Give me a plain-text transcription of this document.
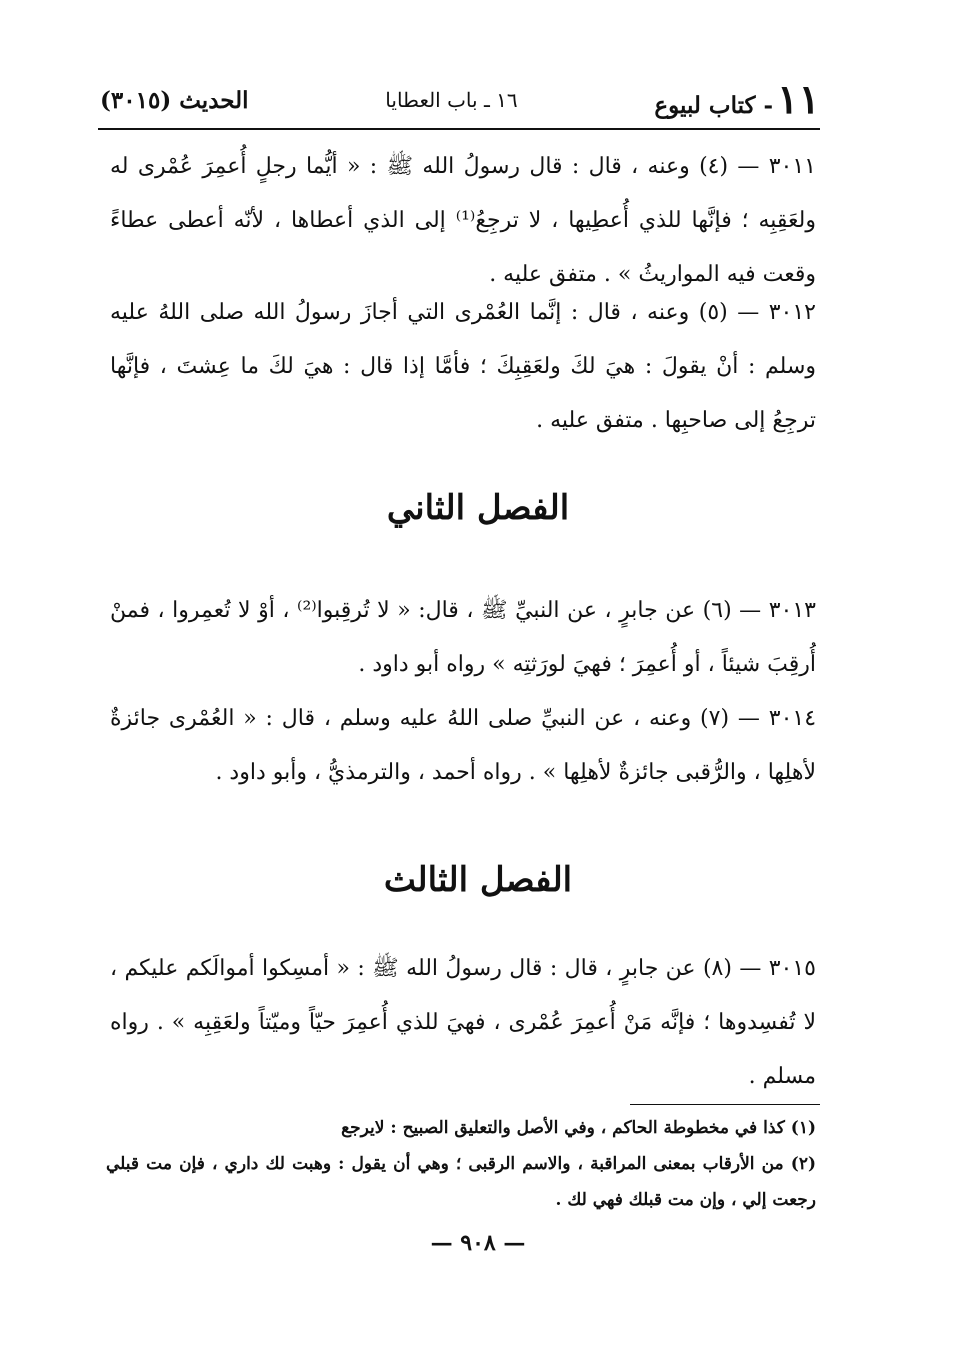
١١
- كتاب لبيوع
١٦ ـ باب العطايا
الحديث (٣٠١٥)

٣٠١١ — (٤) وعنه ، قال : قال رسولُ الله ﷺ : « أيُّما رجلٍ أُعمِرَ عُمْرى له ولعَقِبِه ؛ فإنَّها للذي أُعطِيها ، لا ترجِعُ⁽¹⁾ إلى الذي أعطاها ، لأنّه أعطى عطاءً وقعت فيه المواريثُ » . متفق عليه .

٣٠١٢ — (٥) وعنه ، قال : إنَّما العُمْرى التي أجازَ رسولُ الله صلى اللهُ عليه وسلم : أنْ يقولَ : هيَ لكَ ولعَقِبِكَ ؛ فأمَّا إذا قال : هيَ لكَ ما عِشتَ ، فإنَّها ترجِعُ إلى صاحبِها . متفق عليه .

الفصل الثاني

٣٠١٣ — (٦) عن جابرٍ ، عن النبيِّ ﷺ ، قال: « لا تُرقِبوا⁽²⁾ ، أوْ لا تُعمِروا ، فمنْ أُرقِبَ شيئاً ، أو أُعمِرَ ؛ فهيَ لورَثتِه » رواه أبو داود .

٣٠١٤ — (٧) وعنه ، عن النبيِّ صلى اللهُ عليه وسلم ، قال : « العُمْرى جائزةٌ لأهلِها ، والرُّقبى جائزةٌ لأهلِها » . رواه أحمد ، والترمذيُّ ، وأبو داود .

الفصل الثالث

٣٠١٥ — (٨) عن جابرٍ ، قال : قال رسولُ الله ﷺ : « أمسِكوا أموالَكم عليكم ، لا تُفسِدوها ؛ فإنَّه مَنْ أُعمِرَ عُمْرى ، فهيَ للذي أُعمِرَ حيّاً وميّتاً ولعَقِبِه » . رواه مسلم .

(١) كذا في مخطوطة الحاكم ، وفي الأصل والتعليق الصبيح : لايرجع

(٢) من الأرقاب بمعنى المراقبة ، والاسم الرقبى ؛ وهي أن يقول : وهبت لك داري ، فإن مت قبلي رجعت إلي ، وإن مت قبلك فهي لك .

— ٩٠٨ —
